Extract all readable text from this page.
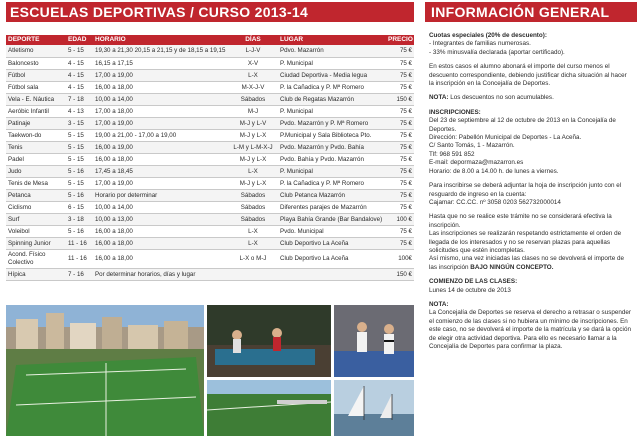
ESCUELAS DEPORTIVAS / CURSO 2013-14
DEPORTE	EDAD	HORARIO	DÍAS	LUGAR	PRECIO
Atletismo	5 - 15	19,30 a 21,30 20,15 a 21,15 y de 18,15 a 19,15	L-J-V	Pdvo. Mazarrón	75 €
Baloncesto	4 - 15	16,15 a 17,15	X-V	P. Municipal	75 €
Fútbol	4 - 15	17,00 a 19,00	L-X	Ciudad Deportiva - Media legua	75 €
Fútbol sala	4 - 15	16,00 a 18,00	M-X-J-V	P. la Cañadica y P. Mª Romero	75 €
Vela - E. Náutica	7 - 18	10,00 a 14,00	Sábados	Club de Regatas Mazarrón	150 €
Aeróbic Infantil	4 - 13	17,00 a 18,00	M-J	P. Municipal	75 €
Patinaje	3 - 15	17,00 a 19,00	M-J y L-V	Pvdo. Mazarrón y P. Mª Romero	75 €
Taekwon-do	5 - 15	19,00 a 21,00 - 17,00 a 19,00	M-J y L-X	P.Municipal y Sala Biblioteca Pto.	75 €
Tenis	5 - 15	16,00 a 19,00	L-M y L-M-X-J	Pvdo. Mazarrón y Pvdo. Bahía	75 €
Padel	5 - 15	16,00 a 18,00	M-J y L-X	Pvdo. Bahía y Pvdo. Mazarrón	75 €
Judo	5 - 16	17,45 a 18,45	L-X	P. Municipal	75 €
Tenis de Mesa	5 - 15	17,00 a 19,00	M-J y L-X	P. la Cañadica y P. Mª Romero	75 €
Petanca	5 - 16	Horario por determinar	Sábados	Club Petanca Mazarrón	75 €
Ciclismo	6 - 15	10,00 a 14,00	Sábados	Diferentes parajes de Mazarrón	75 €
Surf	3 - 18	10,00 a 13,00	Sábados	Playa Bahía Grande (Bar Bandalove)	100 €
Voleibol	5 - 16	16,00 a 18,00	L-X	Pvdo. Municipal	75 €
Spinning Junior	11 - 16	16,00 a 18,00	L-X	Club Deportivo La Aceña	75 €
Acond. Físico Colectivo	11 - 16	16,00 a 18,00	L-X o M-J	Club Deportivo La Aceña	100€
Hípica	7 - 16	Por determinar horarios, días y lugar			150 €
INFORMACIÓN GENERAL

Cuotas especiales (20% de descuento):
- Integrantes de familias numerosas.
- 33% minusvalía declarada (aportar certificado).

En estos casos el alumno abonará el importe del curso menos el descuento correspondiente, debiendo justificar dicha situación al hacer la inscripción en la Concejalía de Deportes.

NOTA: Los descuentos no son acumulables.

INSCRIPCIONES:
Del 23 de septiembre al 12 de octubre de 2013 en la Concejalía de Deportes.
Dirección: Pabellón Municipal de Deportes - La Aceña.
C/ Santo Tomás, 1 - Mazarrón.
Tlf: 968 591 852
E-mail: depormaza@mazarron.es
Horario: de 8.00 a 14.00 h. de lunes a viernes.

Para inscribirse se deberá adjuntar la hoja de inscripción junto con el resguardo de ingreso en la cuenta:
Cajamar: CC.CC. nº 3058 0203 562732000014

Hasta que no se realice este trámite no se considerará efectiva la inscripción.
Las inscripciones se realizarán respetando estrictamente el orden de llegada de los interesados y no se reservan plazas para aquellas solicitudes que estén incompletas.
Así mismo, una vez iniciadas las clases no se devolverá el importe de las inscripción BAJO NINGÚN CONCEPTO.

COMIENZO DE LAS CLASES:
Lunes 14 de octubre de 2013

NOTA:
La Concejalía de Deportes se reserva el derecho a retrasar o suspender el comienzo de las clases si no hubiera un mínimo de inscripciones. En este caso, no se devolverá el importe de la matrícula y se dará la opción de elegir otra actividad deportiva. Para ello es necesario llamar a la Concejalía de Deportes para confirmar la plaza.
